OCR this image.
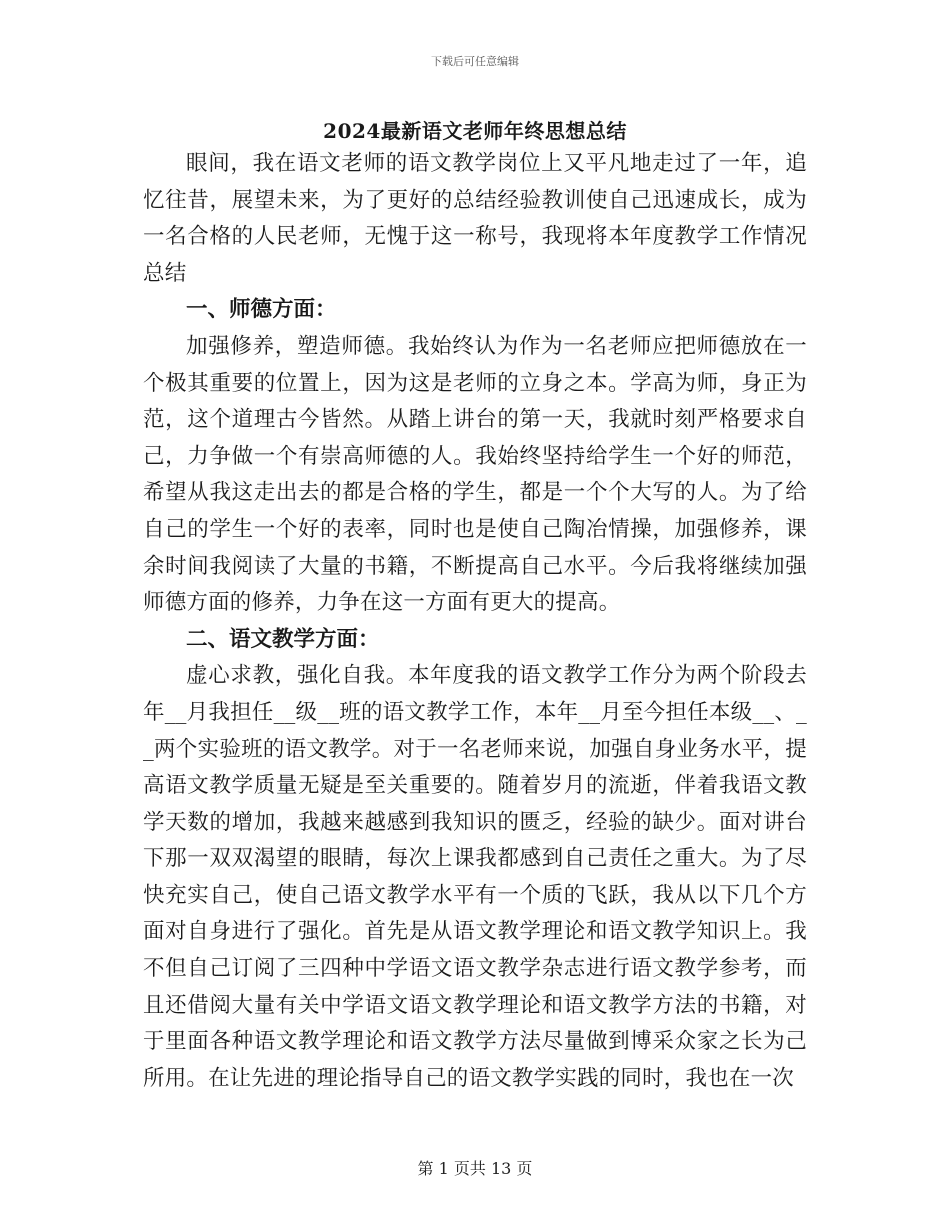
下载后可任意编辑
2024最新语文老师年终思想总结

眼间，我在语文老师的语文教学岗位上又平凡地走过了一年，追忆往昔，展望未来，为了更好的总结经验教训使自己迅速成长，成为一名合格的人民老师，无愧于这一称号，我现将本年度教学工作情况总结

一、师德方面：

加强修养，塑造师德。我始终认为作为一名老师应把师德放在一个极其重要的位置上，因为这是老师的立身之本。学高为师，身正为范，这个道理古今皆然。从踏上讲台的第一天，我就时刻严格要求自己，力争做一个有崇高师德的人。我始终坚持给学生一个好的师范，希望从我这走出去的都是合格的学生，都是一个个大写的人。为了给自己的学生一个好的表率，同时也是使自己陶冶情操，加强修养，课余时间我阅读了大量的书籍，不断提高自己水平。今后我将继续加强师德方面的修养，力争在这一方面有更大的提高。

二、语文教学方面：

虚心求教，强化自我。本年度我的语文教学工作分为两个阶段去年__月我担任__级__班的语文教学工作，本年__月至今担任本级__、__两个实验班的语文教学。对于一名老师来说，加强自身业务水平，提高语文教学质量无疑是至关重要的。随着岁月的流逝，伴着我语文教学天数的增加，我越来越感到我知识的匮乏，经验的缺少。面对讲台下那一双双渴望的眼睛，每次上课我都感到自己责任之重大。为了尽快充实自己，使自己语文教学水平有一个质的飞跃，我从以下几个方面对自身进行了强化。首先是从语文教学理论和语文教学知识上。我不但自己订阅了三四种中学语文语文教学杂志进行语文教学参考，而且还借阅大量有关中学语文语文教学理论和语文教学方法的书籍，对于里面各种语文教学理论和语文教学方法尽量做到博采众家之长为己所用。在让先进的理论指导自己的语文教学实践的同时，我也在一次

第 1 页共 13 页
